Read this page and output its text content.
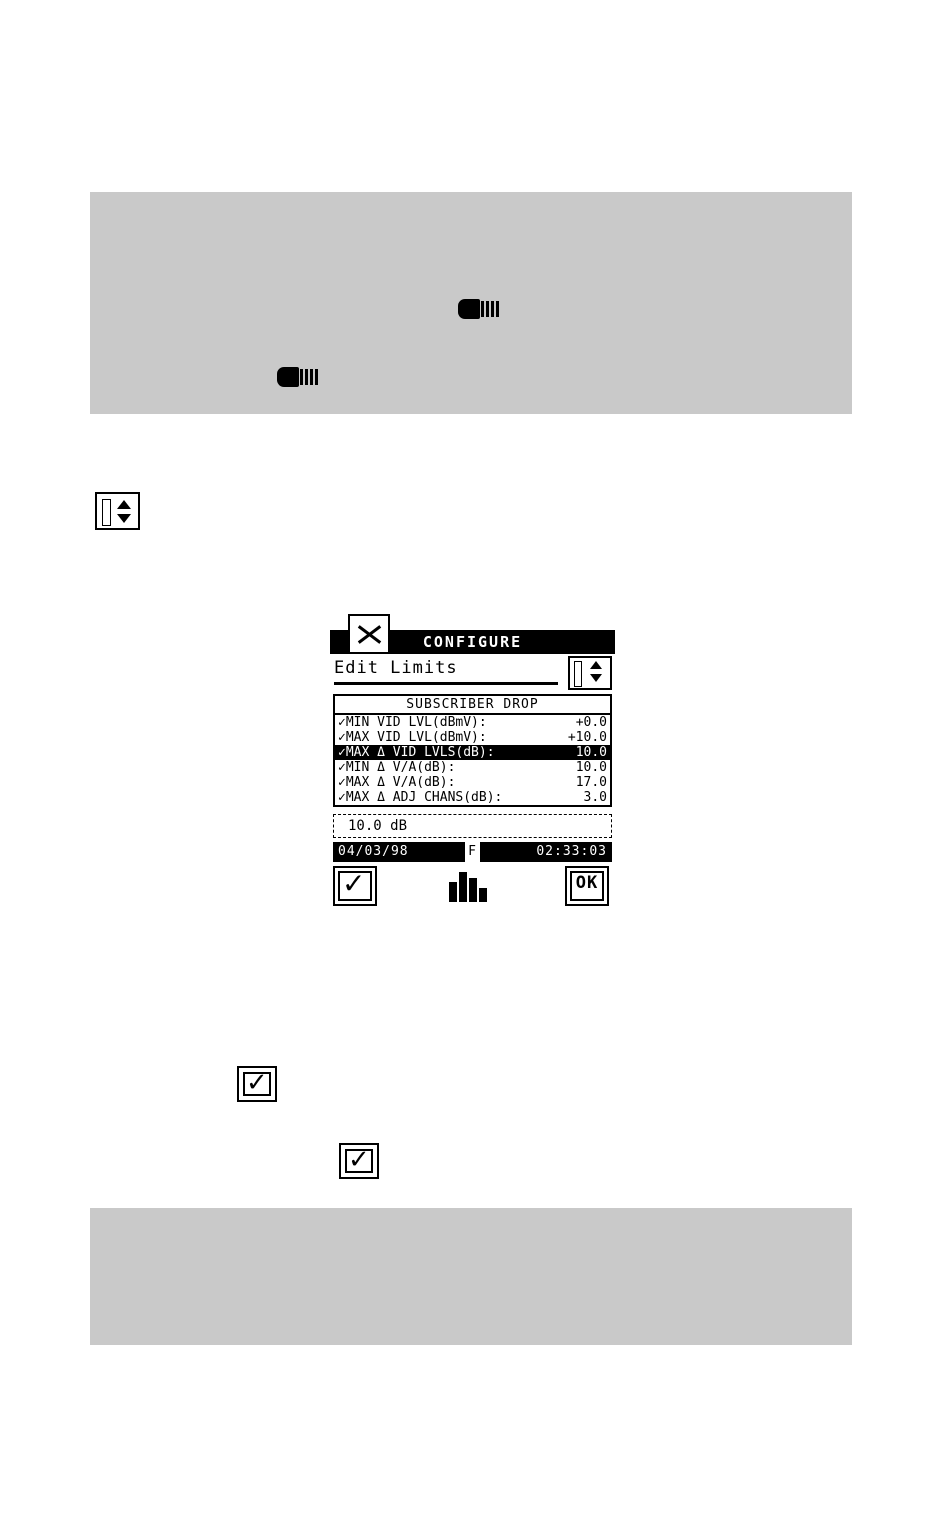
CONFIGURE
Edit Limits
SUBSCRIBER DROP
✓MIN VID LVL(dBmV):	+0.0
✓MAX VID LVL(dBmV):	+10.0
✓MAX Δ VID LVLS(dB):	10.0
✓MIN Δ V/A(dB):	10.0
✓MAX Δ V/A(dB):	17.0
✓MAX Δ ADJ CHANS(dB):	3.0
10.0 dB
04/03/98	F	02:33:03
✓	OK
✓
✓
